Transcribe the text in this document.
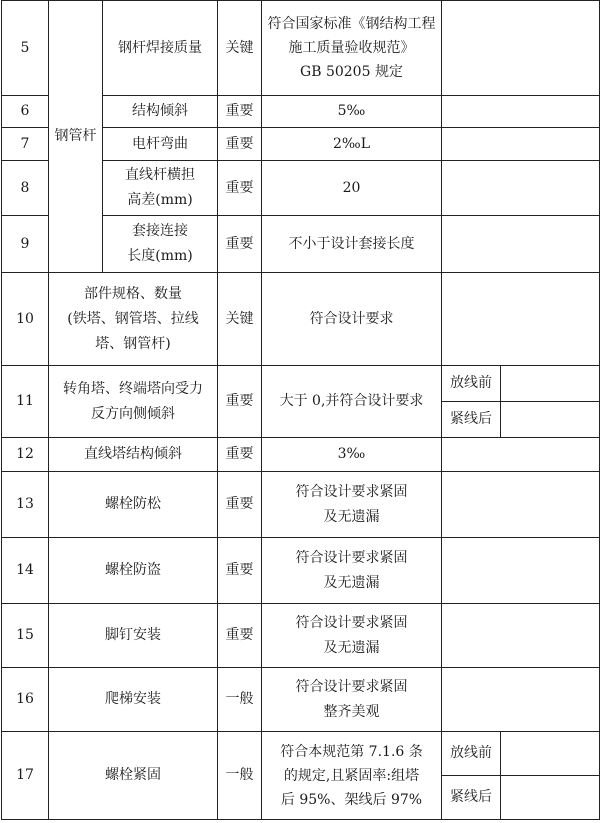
5	钢管杆	钢杆焊接质量	关键	符合国家标准《钢结构工程
施工质量验收规范》
GB 50205 规定		

6		结构倾斜	重要	5‰		
7		电杆弯曲	重要	2‰L		
8		直线杆横担
高差(mm)	重要	20		
9		套接连接
长度(mm)	重要	不小于设计套接长度		
10	部件规格、数量
(铁塔、钢管塔、拉线
塔、钢管杆)		关键	符合设计要求		
11	转角塔、终端塔向受力
反方向侧倾斜		重要	大于 0,并符合设计要求	放线前	
					紧线后	
12	直线塔结构倾斜		重要	3‰		
13	螺栓防松		重要	符合设计要求紧固
及无遗漏		

14	螺栓防盗		重要	符合设计要求紧固
及无遗漏		

15	脚钉安装		重要	符合设计要求紧固
及无遗漏		

16	爬梯安装		一般	符合设计要求紧固
整齐美观		

17	螺栓紧固		一般	符合本规范第 7.1.6 条
的规定,且紧固率:组塔
后 95%、架线后 97%	放线前	
					紧线后	
